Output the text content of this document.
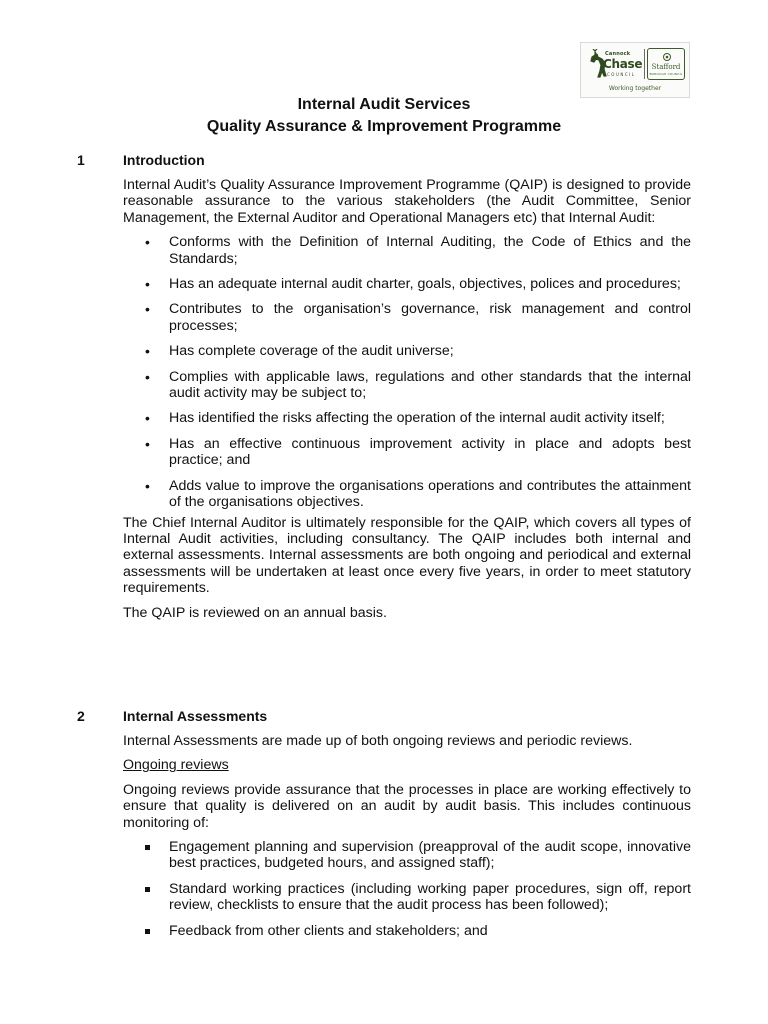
Cannock
Chase
COUNCIL
Stafford
BOROUGH COUNCIL
Working together
Internal Audit Services
Quality Assurance & Improvement Programme
1	Introduction

Internal Audit’s Quality Assurance Improvement Programme (QAIP) is designed to provide reasonable assurance to the various stakeholders (the Audit Committee, Senior Management, the External Auditor and Operational Managers etc) that Internal Audit:

• Conforms with the Definition of Internal Auditing, the Code of Ethics and the Standards;
• Has an adequate internal audit charter, goals, objectives, polices and procedures;
• Contributes to the organisation’s governance, risk management and control processes;
• Has complete coverage of the audit universe;
• Complies with applicable laws, regulations and other standards that the internal audit activity may be subject to;
• Has identified the risks affecting the operation of the internal audit activity itself;
• Has an effective continuous improvement activity in place and adopts best practice; and
• Adds value to improve the organisations operations and contributes the attainment of the organisations objectives.

The Chief Internal Auditor is ultimately responsible for the QAIP, which covers all types of Internal Audit activities, including consultancy. The QAIP includes both internal and external assessments. Internal assessments are both ongoing and periodical and external assessments will be undertaken at least once every five years, in order to meet statutory requirements.

The QAIP is reviewed on an annual basis.

2	Internal Assessments

Internal Assessments are made up of both ongoing reviews and periodic reviews.

Ongoing reviews

Ongoing reviews provide assurance that the processes in place are working effectively to ensure that quality is delivered on an audit by audit basis. This includes continuous monitoring of:

Engagement planning and supervision (preapproval of the audit scope, innovative best practices, budgeted hours, and assigned staff);
Standard working practices (including working paper procedures, sign off, report review, checklists to ensure that the audit process has been followed);
Feedback from other clients and stakeholders; and
